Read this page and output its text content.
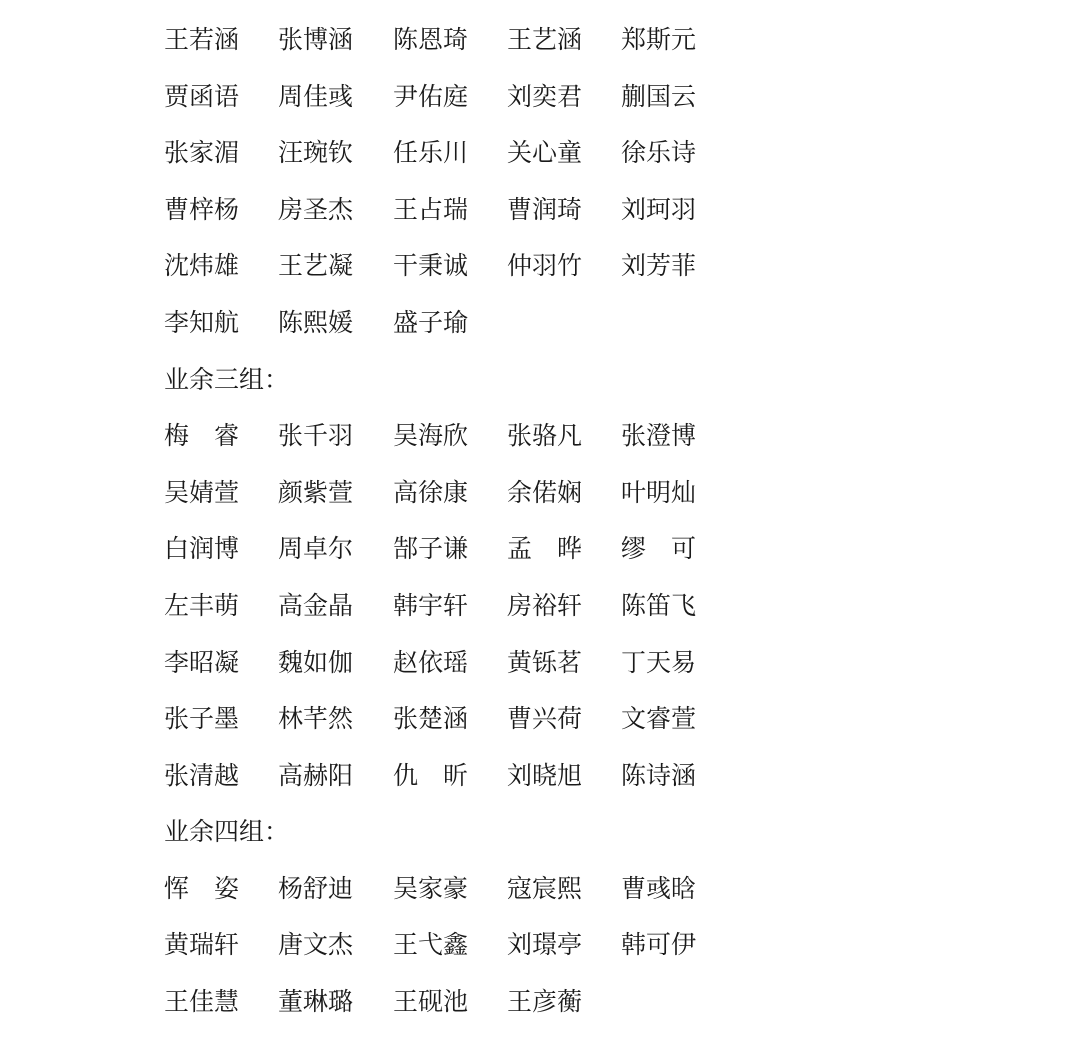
王若涵	张博涵	陈恩琦	王艺涵	郑斯元
贾函语	周佳彧	尹佑庭	刘奕君	蒯国云
张家湄	汪琬钦	任乐川	关心童	徐乐诗
曹梓杨	房圣杰	王占瑞	曹润琦	刘珂羽
沈炜雄	王艺凝	干秉诚	仲羽竹	刘芳菲
李知航	陈熙媛	盛子瑜
业余三组：
梅　睿	张千羽	吴海欣	张骆凡	张澄博
吴婧萱	颜紫萱	高徐康	余偌娴	叶明灿
白润博	周卓尔	郜子谦	孟　晔	缪　可
左丰萌	高金晶	韩宇轩	房裕轩	陈笛飞
李昭凝	魏如伽	赵依瑶	黄铄茗	丁天易
张子墨	林芊然	张楚涵	曹兴荷	文睿萱
张清越	高赫阳	仇　昕	刘晓旭	陈诗涵
业余四组：
恽　姿	杨舒迪	吴家豪	寇宸熙	曹彧晗
黄瑞轩	唐文杰	王弋鑫	刘璟亭	韩可伊
王佳慧	董琳璐	王砚池	王彦蘅
